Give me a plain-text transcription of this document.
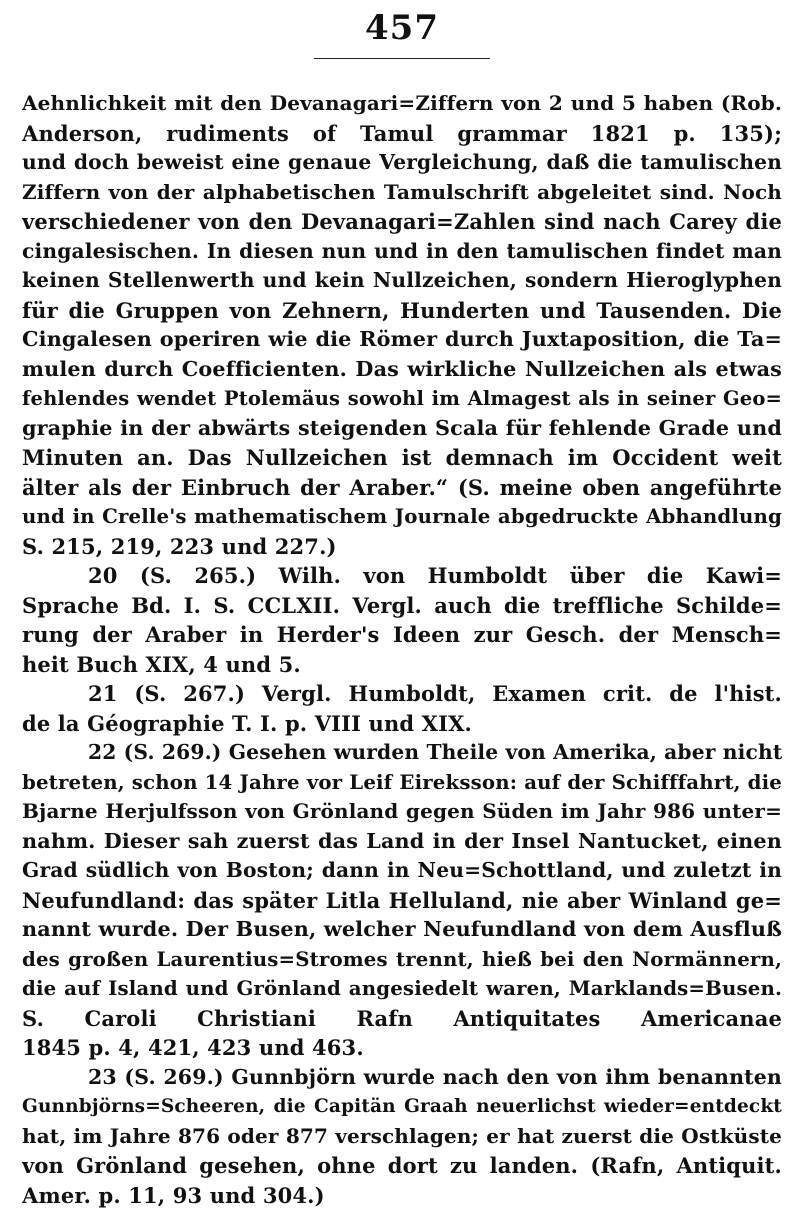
457
Aehnlichkeit mit den Devanagari=Ziffern von 2 und 5 haben (Rob.
Anderson, rudiments of Tamul grammar 1821 p. 135);
und doch beweist eine genaue Vergleichung, daß die tamulischen
Ziffern von der alphabetischen Tamulschrift abgeleitet sind. Noch
verschiedener von den Devanagari=Zahlen sind nach Carey die
cingalesischen. In diesen nun und in den tamulischen findet man
keinen Stellenwerth und kein Nullzeichen, sondern Hieroglyphen
für die Gruppen von Zehnern, Hunderten und Tausenden. Die
Cingalesen operiren wie die Römer durch Juxtaposition, die Ta=
mulen durch Coefficienten. Das wirkliche Nullzeichen als etwas
fehlendes wendet Ptolemäus sowohl im Almagest als in seiner Geo=
graphie in der abwärts steigenden Scala für fehlende Grade und
Minuten an. Das Nullzeichen ist demnach im Occident weit
älter als der Einbruch der Araber.“ (S. meine oben angeführte
und in Crelle's mathematischem Journale abgedruckte Abhandlung
S. 215, 219, 223 und 227.)
20 (S. 265.) Wilh. von Humboldt über die Kawi=
Sprache Bd. I. S. CCLXII. Vergl. auch die treffliche Schilde=
rung der Araber in Herder's Ideen zur Gesch. der Mensch=
heit Buch XIX, 4 und 5.
21 (S. 267.) Vergl. Humboldt, Examen crit. de l'hist.
de la Géographie T. I. p. VIII und XIX.
22 (S. 269.) Gesehen wurden Theile von Amerika, aber nicht
betreten, schon 14 Jahre vor Leif Eireksson: auf der Schifffahrt, die
Bjarne Herjulfsson von Grönland gegen Süden im Jahr 986 unter=
nahm. Dieser sah zuerst das Land in der Insel Nantucket, einen
Grad südlich von Boston; dann in Neu=Schottland, und zuletzt in
Neufundland: das später Litla Helluland, nie aber Winland ge=
nannt wurde. Der Busen, welcher Neufundland von dem Ausfluß
des großen Laurentius=Stromes trennt, hieß bei den Normännern,
die auf Island und Grönland angesiedelt waren, Marklands=Busen.
S. Caroli Christiani Rafn Antiquitates Americanae
1845 p. 4, 421, 423 und 463.
23 (S. 269.) Gunnbjörn wurde nach den von ihm benannten
Gunnbjörns=Scheeren, die Capitän Graah neuerlichst wieder=entdeckt
hat, im Jahre 876 oder 877 verschlagen; er hat zuerst die Ostküste
von Grönland gesehen, ohne dort zu landen. (Rafn, Antiquit.
Amer. p. 11, 93 und 304.)
